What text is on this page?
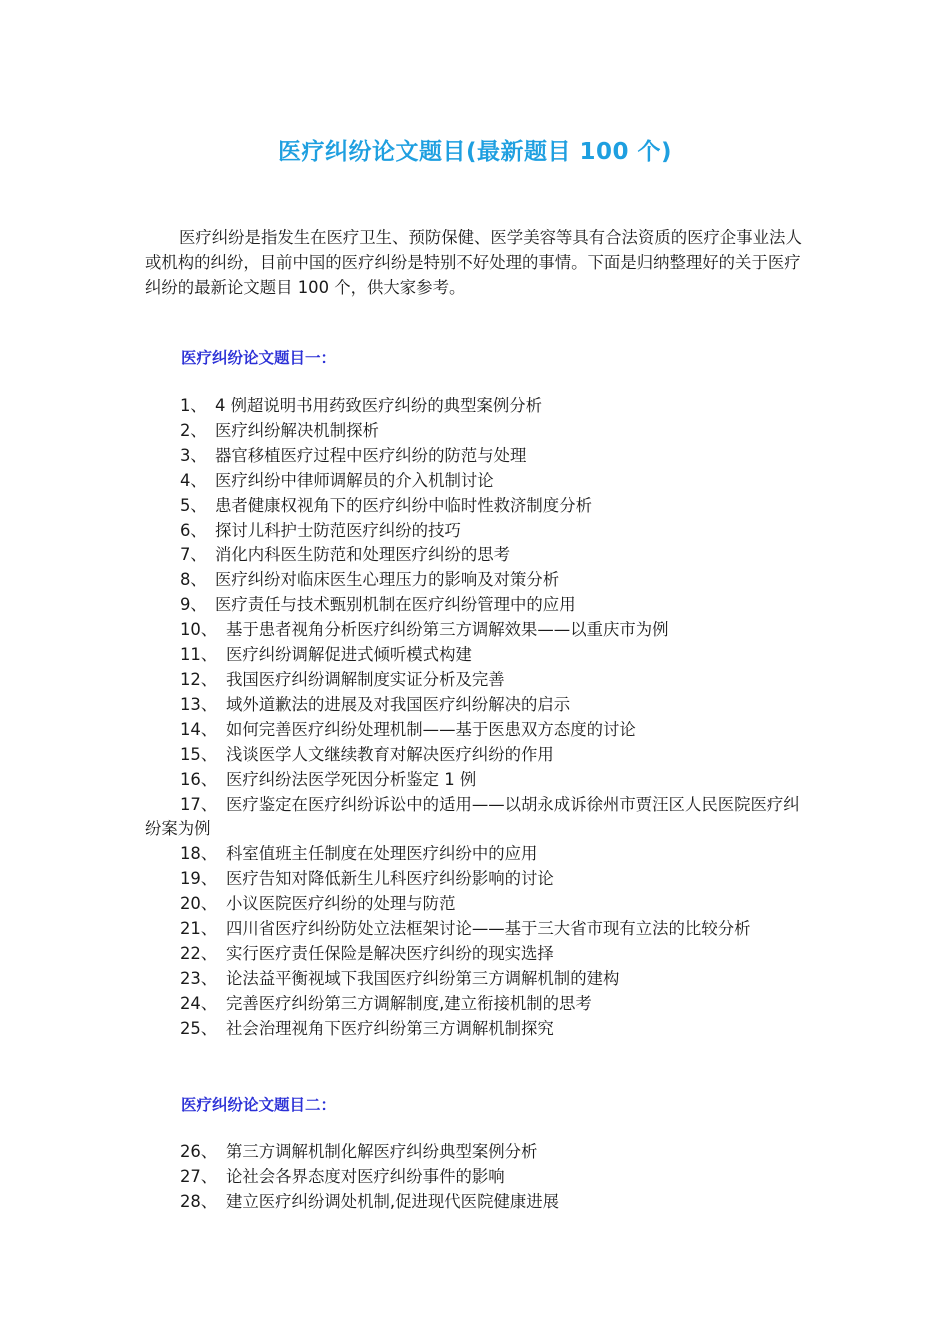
医疗纠纷论文题目(最新题目 100 个)

医疗纠纷是指发生在医疗卫生、预防保健、医学美容等具有合法资质的医疗企事业法人或机构的纠纷，目前中国的医疗纠纷是特别不好处理的事情。下面是归纳整理好的关于医疗纠纷的最新论文题目 100 个，供大家参考。

医疗纠纷论文题目一：
1、 4 例超说明书用药致医疗纠纷的典型案例分析
2、 医疗纠纷解决机制探析
3、 器官移植医疗过程中医疗纠纷的防范与处理
4、 医疗纠纷中律师调解员的介入机制讨论
5、 患者健康权视角下的医疗纠纷中临时性救济制度分析
6、 探讨儿科护士防范医疗纠纷的技巧
7、 消化内科医生防范和处理医疗纠纷的思考
8、 医疗纠纷对临床医生心理压力的影响及对策分析
9、 医疗责任与技术甄别机制在医疗纠纷管理中的应用
10、 基于患者视角分析医疗纠纷第三方调解效果——以重庆市为例
11、 医疗纠纷调解促进式倾听模式构建
12、 我国医疗纠纷调解制度实证分析及完善
13、 域外道歉法的进展及对我国医疗纠纷解决的启示
14、 如何完善医疗纠纷处理机制——基于医患双方态度的讨论
15、 浅谈医学人文继续教育对解决医疗纠纷的作用
16、 医疗纠纷法医学死因分析鉴定 1 例
17、 医疗鉴定在医疗纠纷诉讼中的适用——以胡永成诉徐州市贾汪区人民医院医疗纠纷案为例
18、 科室值班主任制度在处理医疗纠纷中的应用
19、 医疗告知对降低新生儿科医疗纠纷影响的讨论
20、 小议医院医疗纠纷的处理与防范
21、 四川省医疗纠纷防处立法框架讨论——基于三大省市现有立法的比较分析
22、 实行医疗责任保险是解决医疗纠纷的现实选择
23、 论法益平衡视域下我国医疗纠纷第三方调解机制的建构
24、 完善医疗纠纷第三方调解制度,建立衔接机制的思考
25、 社会治理视角下医疗纠纷第三方调解机制探究
医疗纠纷论文题目二：
26、 第三方调解机制化解医疗纠纷典型案例分析
27、 论社会各界态度对医疗纠纷事件的影响
28、 建立医疗纠纷调处机制,促进现代医院健康进展
